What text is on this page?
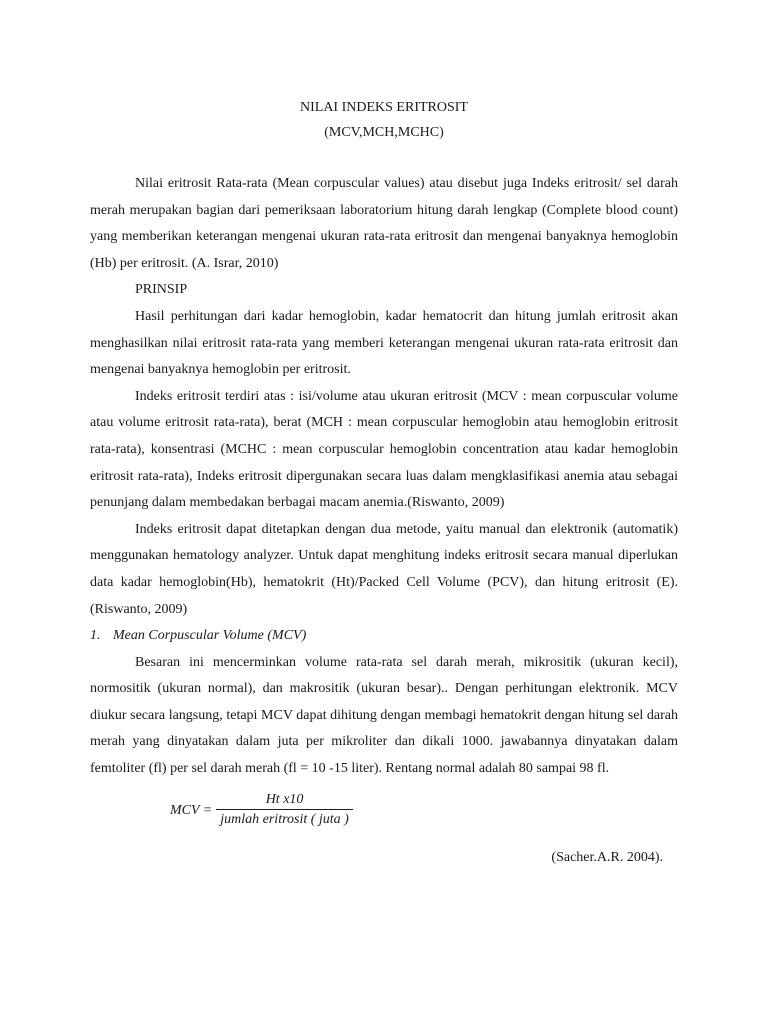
NILAI INDEKS ERITROSIT

(MCV,MCH,MCHC)

Nilai eritrosit Rata-rata (Mean corpuscular values) atau disebut juga Indeks eritrosit/ sel darah merah merupakan bagian dari pemeriksaan laboratorium hitung darah lengkap (Complete blood count) yang memberikan keterangan mengenai ukuran rata-rata eritrosit dan mengenai banyaknya hemoglobin (Hb) per eritrosit. (A. Israr, 2010)

PRINSIP

Hasil perhitungan dari kadar hemoglobin, kadar hematocrit dan hitung jumlah eritrosit akan menghasilkan nilai eritrosit rata-rata yang memberi keterangan mengenai ukuran rata-rata eritrosit dan mengenai banyaknya hemoglobin per eritrosit.

Indeks eritrosit terdiri atas : isi/volume atau ukuran eritrosit (MCV : mean corpuscular volume atau volume eritrosit rata-rata), berat (MCH : mean corpuscular hemoglobin atau hemoglobin eritrosit rata-rata), konsentrasi (MCHC : mean corpuscular hemoglobin concentration atau kadar hemoglobin eritrosit rata-rata), Indeks eritrosit dipergunakan secara luas dalam mengklasifikasi anemia atau sebagai penunjang dalam membedakan berbagai macam anemia.(Riswanto, 2009)

Indeks eritrosit dapat ditetapkan dengan dua metode, yaitu manual dan elektronik (automatik) menggunakan hematology analyzer. Untuk dapat menghitung indeks eritrosit secara manual diperlukan data kadar hemoglobin(Hb), hematokrit (Ht)/Packed Cell Volume (PCV), dan hitung eritrosit (E). (Riswanto, 2009)

1. Mean Corpuscular Volume (MCV)

Besaran ini mencerminkan volume rata-rata sel darah merah, mikrositik (ukuran kecil), normositik (ukuran normal), dan makrositik (ukuran besar).. Dengan perhitungan elektronik. MCV diukur secara langsung, tetapi MCV dapat dihitung dengan membagi hematokrit dengan hitung sel darah merah yang dinyatakan dalam juta per mikroliter dan dikali 1000. jawabannya dinyatakan dalam femtoliter (fl) per sel darah merah (fl = 10 -15 liter). Rentang normal adalah 80 sampai 98 fl.

MCV = $\frac{\text{Ht x10}}{\text{jumlah eritrosit ( juta )}}$

(Sacher.A.R. 2004).
